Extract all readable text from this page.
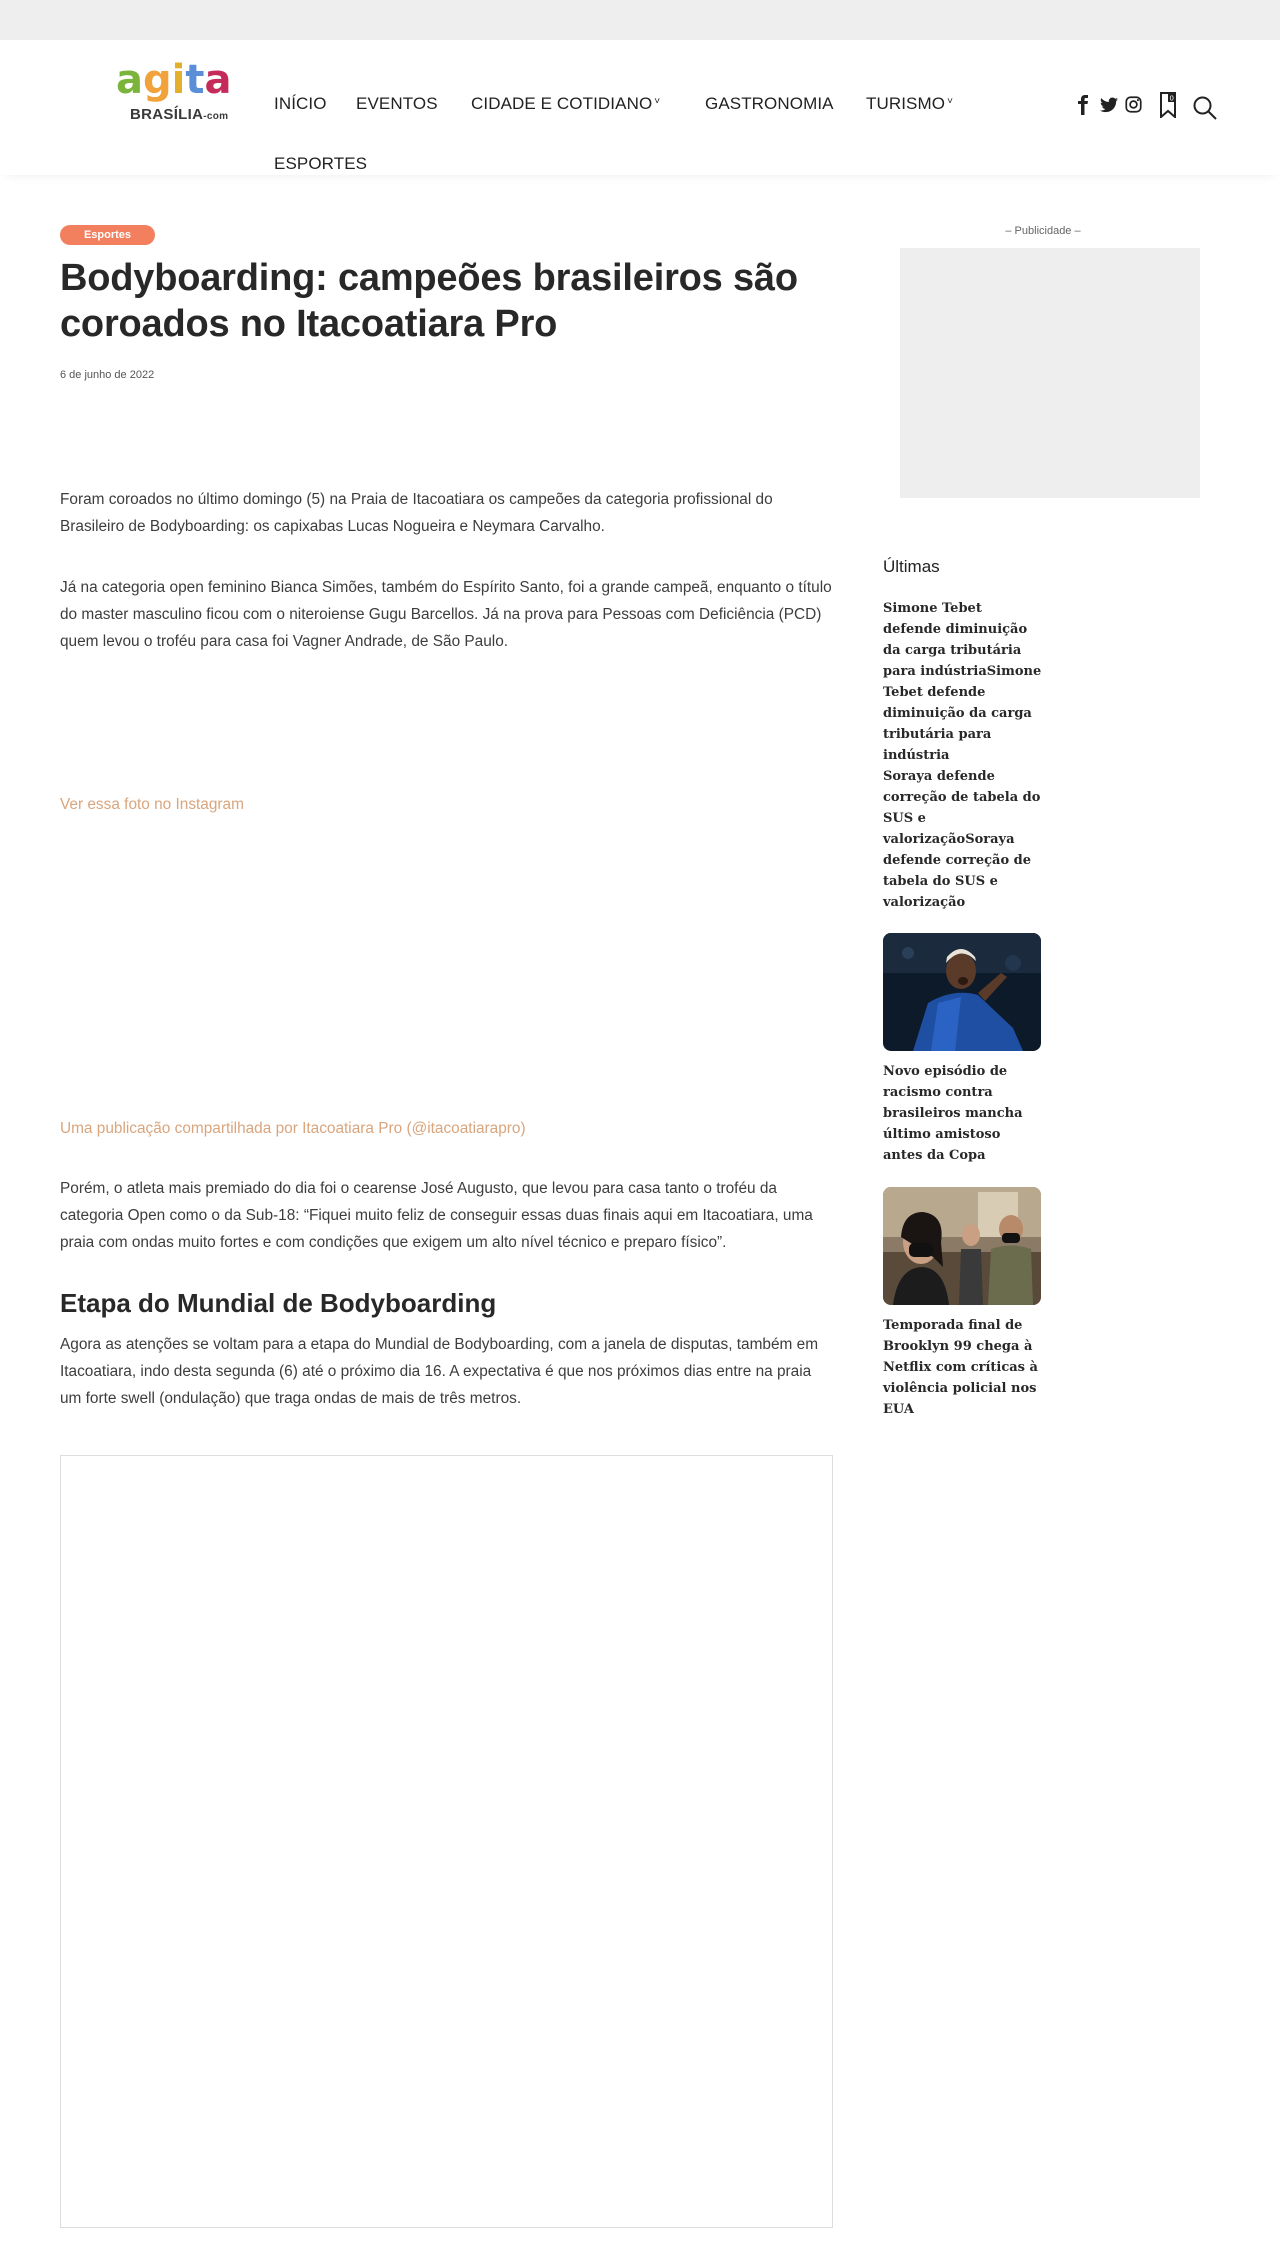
a g i t a
BRASÍLIA-com
INÍCIO EVENTOS CIDADE E COTIDIANO ˅	GASTRONOMIA TURISMO ˅
ESPORTES
0
Esportes
Bodyboarding: campeões brasileiros são coroados no Itacoatiara Pro
6 de junho de 2022

Foram coroados no último domingo (5) na Praia de Itacoatiara os campeões da categoria profissional do Brasileiro de Bodyboarding: os capixabas Lucas Nogueira e Neymara Carvalho.

Já na categoria open feminino Bianca Simões, também do Espírito Santo, foi a grande campeã, enquanto o título do master masculino ficou com o niteroiense Gugu Barcellos. Já na prova para Pessoas com Deficiência (PCD) quem levou o troféu para casa foi Vagner Andrade, de São Paulo.

Ver essa foto no Instagram
Uma publicação compartilhada por Itacoatiara Pro (@itacoatiarapro)

Porém, o atleta mais premiado do dia foi o cearense José Augusto, que levou para casa tanto o troféu da categoria Open como o da Sub-18: “Fiquei muito feliz de conseguir essas duas finais aqui em Itacoatiara, uma praia com ondas muito fortes e com condições que exigem um alto nível técnico e preparo físico”.

Etapa do Mundial de Bodyboarding

Agora as atenções se voltam para a etapa do Mundial de Bodyboarding, com a janela de disputas, também em Itacoatiara, indo desta segunda (6) até o próximo dia 16. A expectativa é que nos próximos dias entre na praia um forte swell (ondulação) que traga ondas de mais de três metros.

– Publicidade –
Últimas
Simone Tebet defende diminuição da carga tributária para indústriaSimone Tebet defende diminuição da carga tributária para indústria
Soraya defende correção de tabela do SUS e valorizaçãoSoraya defende correção de tabela do SUS e valorização
Novo episódio de racismo contra brasileiros mancha último amistoso antes da Copa
Temporada final de Brooklyn 99 chega à Netflix com críticas à violência policial nos EUA
